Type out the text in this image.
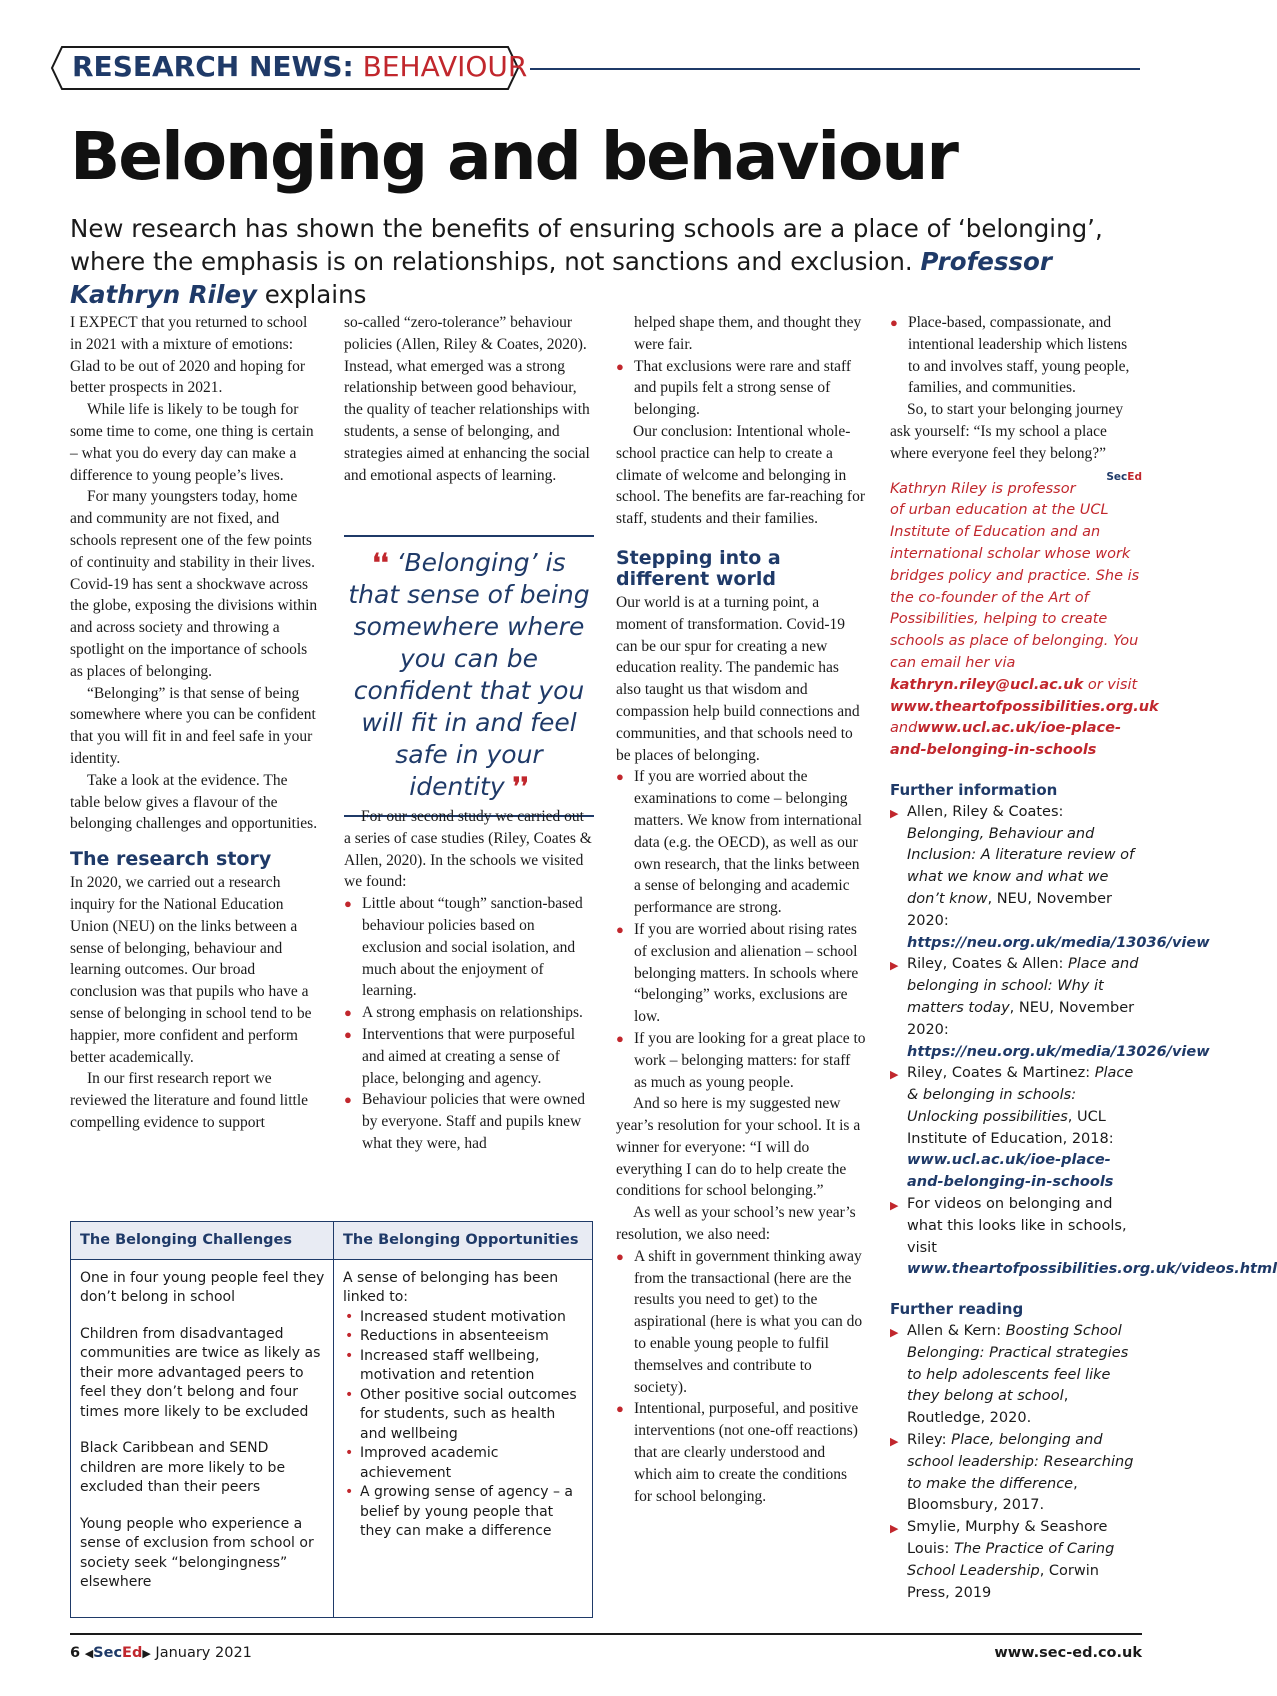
RESEARCH NEWS: BEHAVIOUR
Belonging and behaviour
New research has shown the benefits of ensuring schools are a place of ‘belonging’, where the emphasis is on relationships, not sanctions and exclusion. Professor Kathryn Riley explains

I EXPECT that you returned to school in 2021 with a mixture of emotions: Glad to be out of 2020 and hoping for better prospects in 2021.

While life is likely to be tough for some time to come, one thing is certain – what you do every day can make a difference to young people’s lives.

For many youngsters today, home and community are not fixed, and schools represent one of the few points of continuity and stability in their lives. Covid-19 has sent a shockwave across the globe, exposing the divisions within and across society and throwing a spotlight on the importance of schools as places of belonging.

“Belonging” is that sense of being somewhere where you can be confident that you will fit in and feel safe in your identity.

Take a look at the evidence. The table below gives a flavour of the belonging challenges and opportunities.

The research story

In 2020, we carried out a research inquiry for the National Education Union (NEU) on the links between a sense of belonging, behaviour and learning outcomes. Our broad conclusion was that pupils who have a sense of belonging in school tend to be happier, more confident and perform better academically.

In our first research report we reviewed the literature and found little compelling evidence to support

so-called “zero-tolerance” behaviour policies (Allen, Riley & Coates, 2020). Instead, what emerged was a strong relationship between good behaviour, the quality of teacher relationships with students, a sense of belonging, and strategies aimed at enhancing the social and emotional aspects of learning.

❛❛ ‘Belonging’ is that sense of being somewhere where you can be confident that you will fit in and feel safe in your identity ❜❜

For our second study we carried out a series of case studies (Riley, Coates & Allen, 2020). In the schools we visited we found:

● Little about “tough” sanction-based behaviour policies based on exclusion and social isolation, and much about the enjoyment of learning.
● A strong emphasis on relationships.
● Interventions that were purposeful and aimed at creating a sense of place, belonging and agency.
● Behaviour policies that were owned by everyone. Staff and pupils knew what they were, had

helped shape them, and thought they were fair.

● That exclusions were rare and staff and pupils felt a strong sense of belonging.

Our conclusion: Intentional whole-school practice can help to create a climate of welcome and belonging in school. The benefits are far-reaching for staff, students and their families.

Stepping into a different world

Our world is at a turning point, a moment of transformation. Covid-19 can be our spur for creating a new education reality. The pandemic has also taught us that wisdom and compassion help build connections and communities, and that schools need to be places of belonging.

● If you are worried about the examinations to come – belonging matters. We know from international data (e.g. the OECD), as well as our own research, that the links between a sense of belonging and academic performance are strong.
● If you are worried about rising rates of exclusion and alienation – school belonging matters. In schools where “belonging” works, exclusions are low.
● If you are looking for a great place to work – belonging matters: for staff as much as young people.

And so here is my suggested new year’s resolution for your school. It is a winner for everyone: “I will do everything I can do to help create the conditions for school belonging.”

As well as your school’s new year’s resolution, we also need:

● A shift in government thinking away from the transactional (here are the results you need to get) to the aspirational (here is what you can do to enable young people to fulfil themselves and contribute to society).
● Intentional, purposeful, and positive interventions (not one-off reactions) that are clearly understood and which aim to create the conditions for school belonging.
● Place-based, compassionate, and intentional leadership which listens to and involves staff, young people, families, and communities.

So, to start your belonging journey ask yourself: “Is my school a place where everyone feel they belong?”
SecEd

Kathryn Riley is professor of urban education at the UCL Institute of Education and an international scholar whose work bridges policy and practice. She is the co-founder of the Art of Possibilities, helping to create schools as place of belonging. You can email her via kathryn.riley@ucl.ac.uk or visit www.theartofpossibilities.org.uk andwww.ucl.ac.uk/ioe-place-and-belonging-in-schools
Further information
▶ Allen, Riley & Coates: Belonging, Behaviour and Inclusion: A literature review of what we know and what we don’t know, NEU, November 2020: https://neu.org.uk/media/13036/view
▶ Riley, Coates & Allen: Place and belonging in school: Why it matters today, NEU, November 2020: https://neu.org.uk/media/13026/view
▶ Riley, Coates & Martinez: Place & belonging in schools: Unlocking possibilities, UCL Institute of Education, 2018: www.ucl.ac.uk/ioe-place-and-belonging-in-schools
▶ For videos on belonging and what this looks like in schools, visit www.theartofpossibilities.org.uk/videos.html
Further reading
▶ Allen & Kern: Boosting School Belonging: Practical strategies to help adolescents feel like they belong at school, Routledge, 2020.
▶ Riley: Place, belonging and school leadership: Researching to make the difference, Bloomsbury, 2017.
▶ Smylie, Murphy & Seashore Louis: The Practice of Caring School Leadership, Corwin Press, 2019
The Belonging Challenges

One in four young people feel they don’t belong in school

Children from disadvantaged communities are twice as likely as their more advantaged peers to feel they don’t belong and four times more likely to be excluded

Black Caribbean and SEND children are more likely to be excluded than their peers

Young people who experience a sense of exclusion from school or society seek “belongingness” elsewhere

The Belonging Opportunities

A sense of belonging has been linked to:

• Increased student motivation
• Reductions in absenteeism
• Increased staff wellbeing, motivation and retention
• Other positive social outcomes for students, such as health and wellbeing
• Improved academic achievement
• A growing sense of agency – a belief by young people that they can make a difference
6 ◀SecEd▶ January 2021	www.sec-ed.co.uk
